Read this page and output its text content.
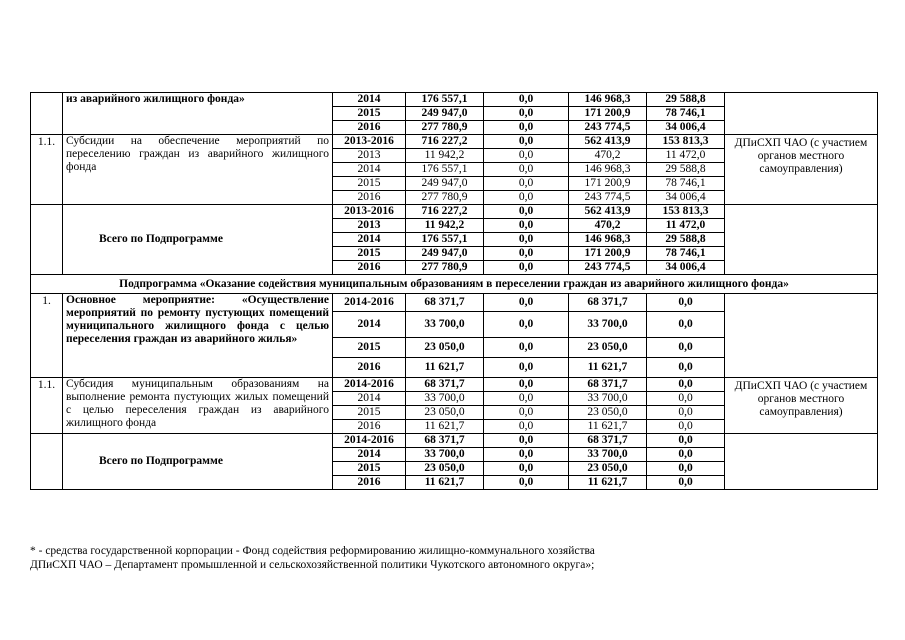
	из аварийного жилищного фонда»	2014	176 557,1	0,0	146 968,3	29 588,8	
		2015	249 947,0	0,0	171 200,9	78 746,1	
		2016	277 780,9	0,0	243 774,5	34 006,4	
1.1.	Субсидии на обеспечение мероприятий по переселению граждан из аварийного жилищного фонда	2013-2016	716 227,2	0,0	562 413,9	153 813,3	ДПиСХП ЧАО (с участием органов местного самоуправления)
		2013	11 942,2	0,0	470,2	11 472,0	
		2014	176 557,1	0,0	146 968,3	29 588,8	
		2015	249 947,0	0,0	171 200,9	78 746,1	
		2016	277 780,9	0,0	243 774,5	34 006,4	
	Всего по Подпрограмме	2013-2016	716 227,2	0,0	562 413,9	153 813,3	
		2013	11 942,2	0,0	470,2	11 472,0	
		2014	176 557,1	0,0	146 968,3	29 588,8	
		2015	249 947,0	0,0	171 200,9	78 746,1	
		2016	277 780,9	0,0	243 774,5	34 006,4	
Подпрограмма «Оказание содействия муниципальным образованиям в переселении граждан из аварийного жилищного фонда»							
1.	Основное мероприятие: «Осуществление мероприятий по ремонту пустующих помещений муниципального жилищного фонда с целью переселения граждан из аварийного жилья»	2014-2016	68 371,7	0,0	68 371,7	0,0	
		2014	33 700,0	0,0	33 700,0	0,0	
		2015	23 050,0	0,0	23 050,0	0,0	
		2016	11 621,7	0,0	11 621,7	0,0	
1.1.	Субсидия муниципальным образованиям на выполнение ремонта пустующих жилых помещений с целью переселения граждан из аварийного жилищного фонда	2014-2016	68 371,7	0,0	68 371,7	0,0	ДПиСХП ЧАО (с участием органов местного самоуправления)
		2014	33 700,0	0,0	33 700,0	0,0	
		2015	23 050,0	0,0	23 050,0	0,0	
		2016	11 621,7	0,0	11 621,7	0,0	
	Всего по Подпрограмме	2014-2016	68 371,7	0,0	68 371,7	0,0	
		2014	33 700,0	0,0	33 700,0	0,0	
		2015	23 050,0	0,0	23 050,0	0,0	
		2016	11 621,7	0,0	11 621,7	0,0	
* - средства государственной корпорации - Фонд содействия реформированию жилищно-коммунального хозяйства
ДПиСХП ЧАО – Департамент промышленной и сельскохозяйственной политики Чукотского автономного округа»;
